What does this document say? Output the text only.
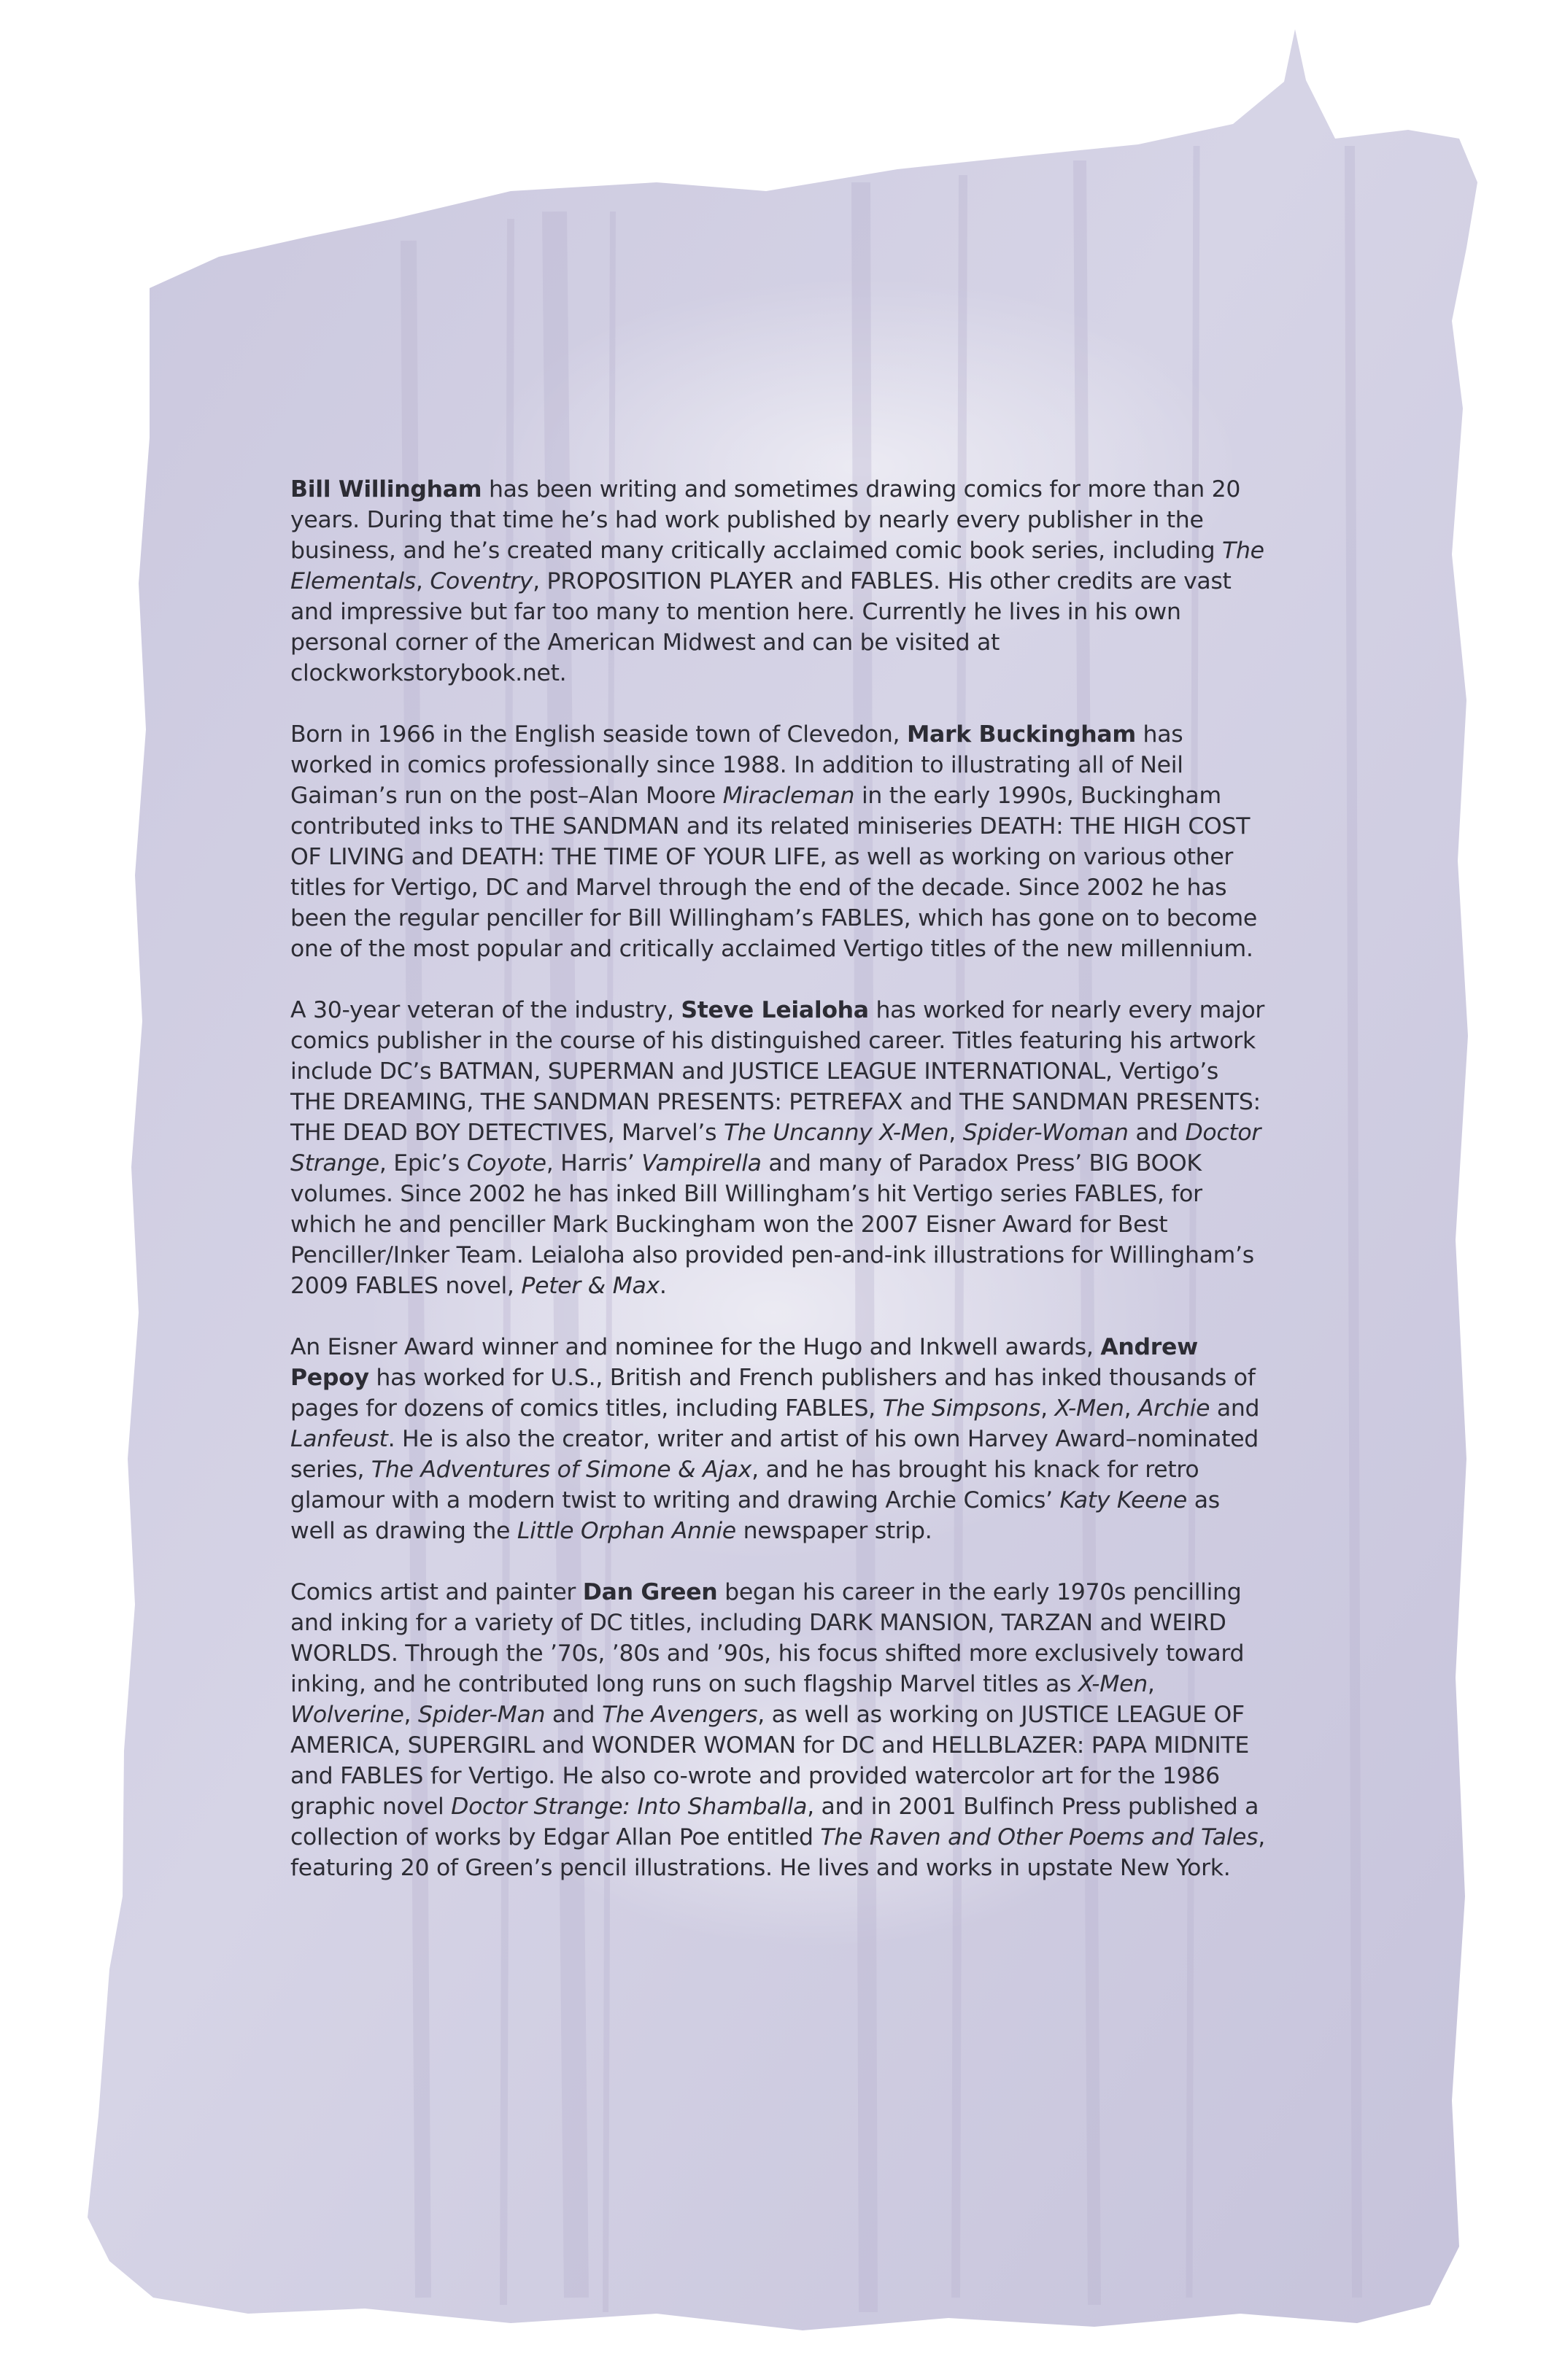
Bill Willingham has been writing and sometimes drawing comics for more than 20 years. During that time he’s had work published by nearly every publisher in the business, and he’s created many critically acclaimed comic book series, including The Elementals, Coventry, PROPOSITION PLAYER and FABLES. His other credits are vast and impressive but far too many to mention here. Currently he lives in his own personal corner of the American Midwest and can be visited at clockworkstorybook.net.

Born in 1966 in the English seaside town of Clevedon, Mark Buckingham has worked in comics professionally since 1988. In addition to illustrating all of Neil Gaiman’s run on the post–Alan Moore Miracleman in the early 1990s, Buckingham contributed inks to THE SANDMAN and its related miniseries DEATH: THE HIGH COST OF LIVING and DEATH: THE TIME OF YOUR LIFE, as well as working on various other titles for Vertigo, DC and Marvel through the end of the decade. Since 2002 he has been the regular penciller for Bill Willingham’s FABLES, which has gone on to become one of the most popular and critically acclaimed Vertigo titles of the new millennium.

A 30-year veteran of the industry, Steve Leialoha has worked for nearly every major comics publisher in the course of his distinguished career. Titles featuring his artwork include DC’s BATMAN, SUPERMAN and JUSTICE LEAGUE INTERNATIONAL, Vertigo’s THE DREAMING, THE SANDMAN PRESENTS: PETREFAX and THE SANDMAN PRESENTS: THE DEAD BOY DETECTIVES, Marvel’s The Uncanny X-Men, Spider-Woman and Doctor Strange, Epic’s Coyote, Harris’ Vampirella and many of Paradox Press’ BIG BOOK volumes. Since 2002 he has inked Bill Willingham’s hit Vertigo series FABLES, for which he and penciller Mark Buckingham won the 2007 Eisner Award for Best Penciller/Inker Team. Leialoha also provided pen-and-ink illustrations for Willingham’s 2009 FABLES novel, Peter & Max.

An Eisner Award winner and nominee for the Hugo and Inkwell awards, Andrew Pepoy has worked for U.S., British and French publishers and has inked thousands of pages for dozens of comics titles, including FABLES, The Simpsons, X-Men, Archie and Lanfeust. He is also the creator, writer and artist of his own Harvey Award–nominated series, The Adventures of Simone & Ajax, and he has brought his knack for retro glamour with a modern twist to writing and drawing Archie Comics’ Katy Keene as well as drawing the Little Orphan Annie newspaper strip.

Comics artist and painter Dan Green began his career in the early 1970s pencilling and inking for a variety of DC titles, including DARK MANSION, TARZAN and WEIRD WORLDS. Through the ’70s, ’80s and ’90s, his focus shifted more exclusively toward inking, and he contributed long runs on such flagship Marvel titles as X-Men, Wolverine, Spider-Man and The Avengers, as well as working on JUSTICE LEAGUE OF AMERICA, SUPERGIRL and WONDER WOMAN for DC and HELLBLAZER: PAPA MIDNITE and FABLES for Vertigo. He also co-wrote and provided watercolor art for the 1986 graphic novel Doctor Strange: Into Shamballa, and in 2001 Bulfinch Press published a collection of works by Edgar Allan Poe entitled The Raven and Other Poems and Tales, featuring 20 of Green’s pencil illustrations. He lives and works in upstate New York.
